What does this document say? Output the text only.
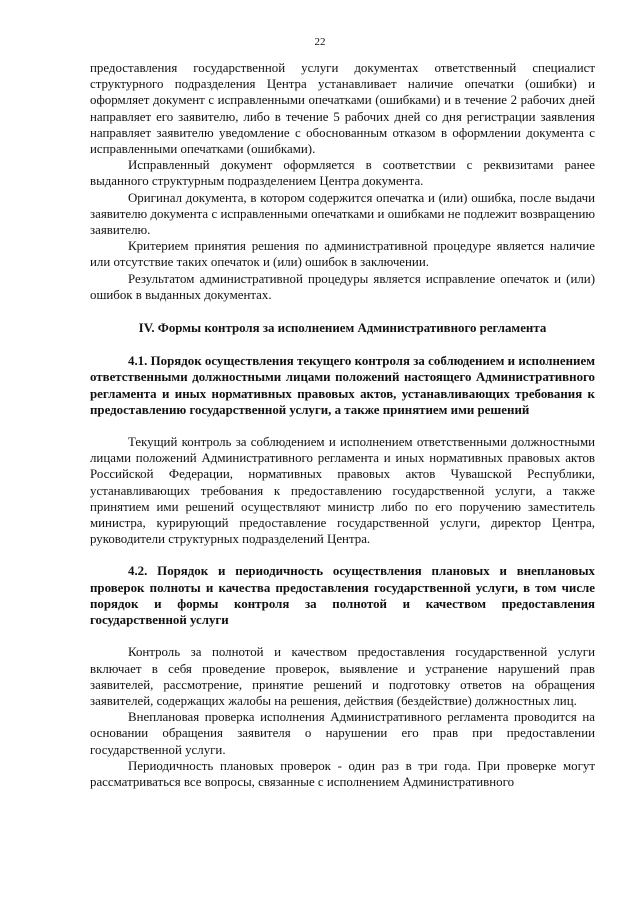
22

предоставления государственной услуги документах ответственный специалист структурного подразделения Центра устанавливает наличие опечатки (ошибки) и оформляет документ с исправленными опечатками (ошибками) и в течение 2 рабочих дней направляет его заявителю, либо в течение 5 рабочих дней со дня регистрации заявления направляет заявителю уведомление с обоснованным отказом в оформлении документа с исправленными опечатками (ошибками).

Исправленный документ оформляется в соответствии с реквизитами ранее выданного структурным подразделением Центра документа.

Оригинал документа, в котором содержится опечатка и (или) ошибка, после выдачи заявителю документа с исправленными опечатками и ошибками не подлежит возвращению заявителю.

Критерием принятия решения по административной процедуре является наличие или отсутствие таких опечаток и (или) ошибок в заключении.

Результатом административной процедуры является исправление опечаток и (или) ошибок в выданных документах.

IV. Формы контроля за исполнением Административного регламента
4.1. Порядок осуществления текущего контроля за соблюдением и исполнением ответственными должностными лицами положений настоящего Административного регламента и иных нормативных правовых актов, устанавливающих требования к предоставлению государственной услуги, а также принятием ими решений

Текущий контроль за соблюдением и исполнением ответственными должностными лицами положений Административного регламента и иных нормативных правовых актов Российской Федерации, нормативных правовых актов Чувашской Республики, устанавливающих требования к предоставлению государственной услуги, а также принятием ими решений осуществляют министр либо по его поручению заместитель министра, курирующий предоставление государственной услуги, директор Центра, руководители структурных подразделений Центра.

4.2. Порядок и периодичность осуществления плановых и внеплановых проверок полноты и качества предоставления государственной услуги, в том числе порядок и формы контроля за полнотой и качеством предоставления государственной услуги

Контроль за полнотой и качеством предоставления государственной услуги включает в себя проведение проверок, выявление и устранение нарушений прав заявителей, рассмотрение, принятие решений и подготовку ответов на обращения заявителей, содержащих жалобы на решения, действия (бездействие) должностных лиц.

Внеплановая проверка исполнения Административного регламента проводится на основании обращения заявителя о нарушении его прав при предоставлении государственной услуги.

Периодичность плановых проверок - один раз в три года. При проверке могут рассматриваться все вопросы, связанные с исполнением Административного
